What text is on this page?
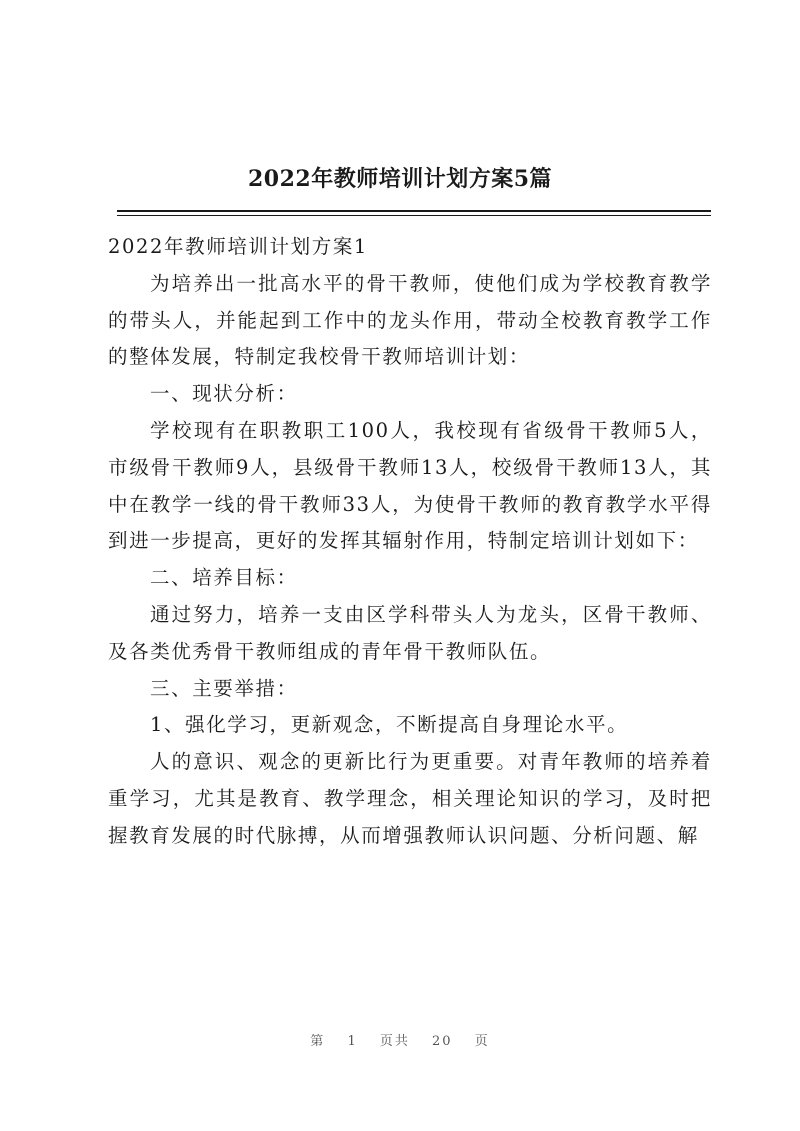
2022年教师培训计划方案5篇

2022年教师培训计划方案1

为培养出一批高水平的骨干教师，使他们成为学校教育教学的带头人，并能起到工作中的龙头作用，带动全校教育教学工作的整体发展，特制定我校骨干教师培训计划：

一、现状分析：

学校现有在职教职工100人，我校现有省级骨干教师5人，市级骨干教师9人，县级骨干教师13人，校级骨干教师13人，其中在教学一线的骨干教师33人，为使骨干教师的教育教学水平得到进一步提高，更好的发挥其辐射作用，特制定培训计划如下：

二、培养目标：

通过努力，培养一支由区学科带头人为龙头，区骨干教师、及各类优秀骨干教师组成的青年骨干教师队伍。

三、主要举措：

1、强化学习，更新观念，不断提高自身理论水平。

人的意识、观念的更新比行为更重要。对青年教师的培养着重学习，尤其是教育、教学理念，相关理论知识的学习，及时把握教育发展的时代脉搏，从而增强教师认识问题、分析问题、解

第 1 页共 20 页
